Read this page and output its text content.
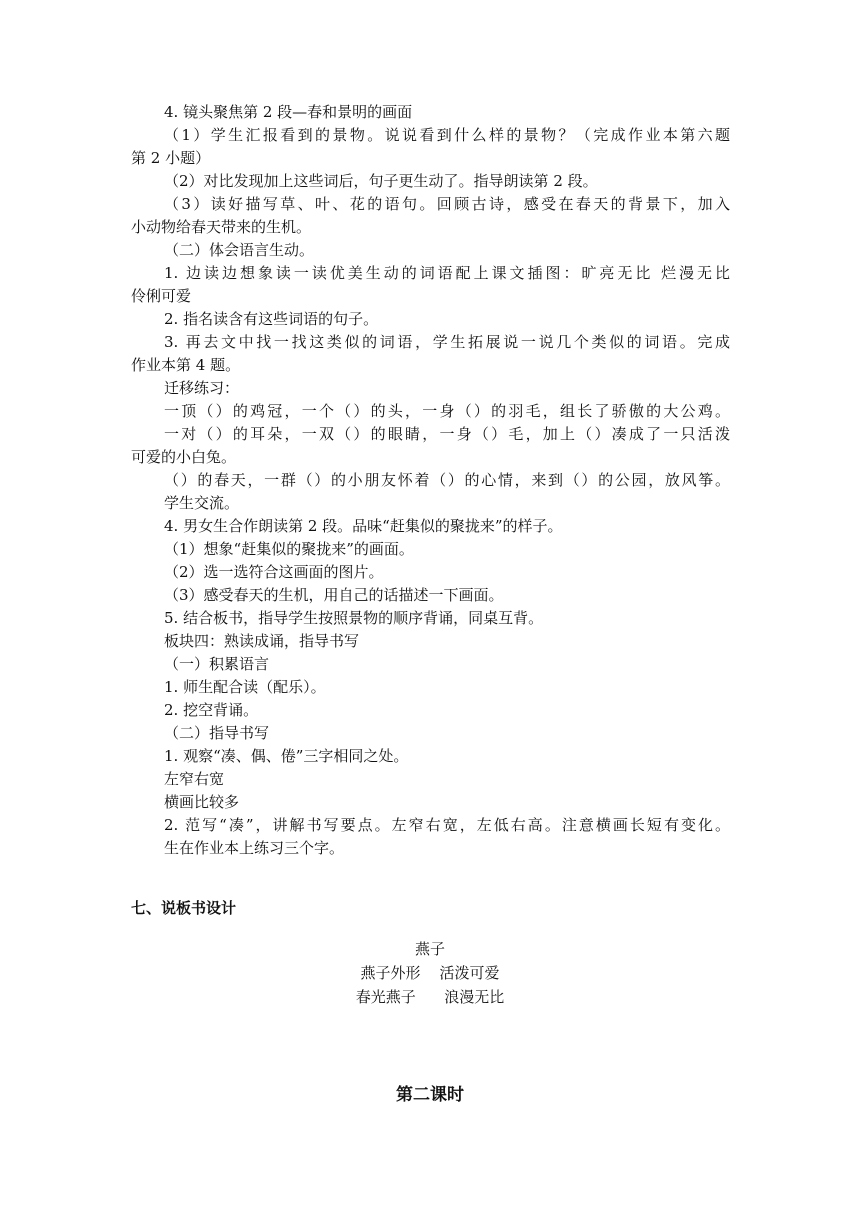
4. 镜头聚焦第 2 段—春和景明的画面
（1）学生汇报看到的景物。说说看到什么样的景物？（完成作业本第六题
第 2 小题）
（2）对比发现加上这些词后，句子更生动了。指导朗读第 2 段。
（3）读好描写草、叶、花的语句。回顾古诗，感受在春天的背景下，加入
小动物给春天带来的生机。
（二）体会语言生动。
1. 边读边想象读一读优美生动的词语配上课文插图：旷亮无比 烂漫无比
伶俐可爱
2. 指名读含有这些词语的句子。
3. 再去文中找一找这类似的词语，学生拓展说一说几个类似的词语。完成
作业本第 4 题。
迁移练习：
一顶（）的鸡冠，一个（）的头，一身（）的羽毛，组长了骄傲的大公鸡。
一对（）的耳朵，一双（）的眼睛，一身（）毛，加上（）凑成了一只活泼
可爱的小白兔。
（）的春天，一群（）的小朋友怀着（）的心情，来到（）的公园，放风筝。
学生交流。
4. 男女生合作朗读第 2 段。品味“赶集似的聚拢来”的样子。
（1）想象“赶集似的聚拢来”的画面。
（2）选一选符合这画面的图片。
（3）感受春天的生机，用自己的话描述一下画面。
5. 结合板书，指导学生按照景物的顺序背诵，同桌互背。
板块四：熟读成诵，指导书写
（一）积累语言
1. 师生配合读（配乐）。
2. 挖空背诵。
（二）指导书写
1. 观察“凑、偶、倦”三字相同之处。
左窄右宽
横画比较多
2. 范写“凑”，讲解书写要点。左窄右宽，左低右高。注意横画长短有变化。
生在作业本上练习三个字。
七、说板书设计
燕子
燕子外形    活泼可爱
春光燕子      浪漫无比
第二课时
